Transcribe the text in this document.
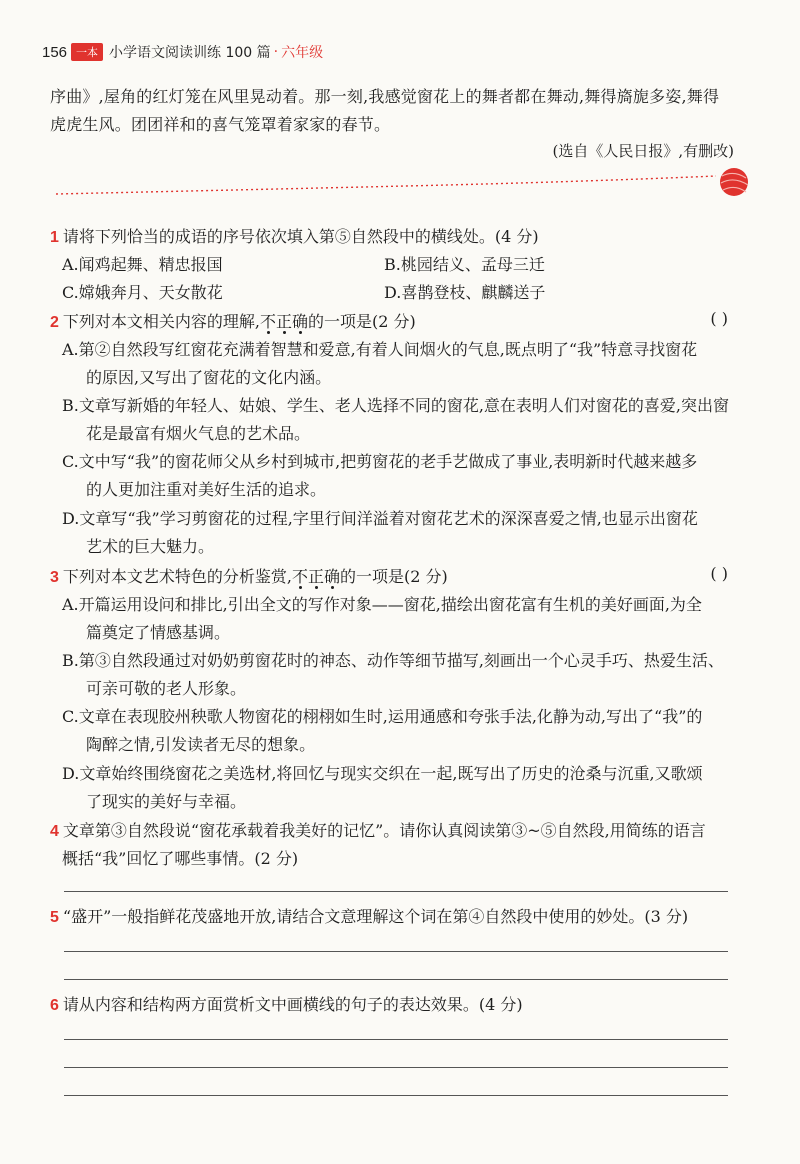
156 一本 小学语文阅读训练 100 篇 · 六年级
序曲》,屋角的红灯笼在风里晃动着。那一刻,我感觉窗花上的舞者都在舞动,舞得旖旎多姿,舞得
虎虎生风。团团祥和的喜气笼罩着家家的春节。
(选自《人民日报》,有删改)
1 请将下列恰当的成语的序号依次填入第⑤自然段中的横线处。(4 分)
A.闻鸡起舞、精忠报国	B.桃园结义、孟母三迁
C.嫦娥奔月、天女散花	D.喜鹊登枝、麒麟送子
2 下列对本文相关内容的理解,不正确的一项是(2 分)	( )
A.第②自然段写红窗花充满着智慧和爱意,有着人间烟火的气息,既点明了“我”特意寻找窗花
的原因,又写出了窗花的文化内涵。
B.文章写新婚的年轻人、姑娘、学生、老人选择不同的窗花,意在表明人们对窗花的喜爱,突出窗
花是最富有烟火气息的艺术品。
C.文中写“我”的窗花师父从乡村到城市,把剪窗花的老手艺做成了事业,表明新时代越来越多
的人更加注重对美好生活的追求。
D.文章写“我”学习剪窗花的过程,字里行间洋溢着对窗花艺术的深深喜爱之情,也显示出窗花
艺术的巨大魅力。
3 下列对本文艺术特色的分析鉴赏,不正确的一项是(2 分)	( )
A.开篇运用设问和排比,引出全文的写作对象——窗花,描绘出窗花富有生机的美好画面,为全
篇奠定了情感基调。
B.第③自然段通过对奶奶剪窗花时的神态、动作等细节描写,刻画出一个心灵手巧、热爱生活、
可亲可敬的老人形象。
C.文章在表现胶州秧歌人物窗花的栩栩如生时,运用通感和夸张手法,化静为动,写出了“我”的
陶醉之情,引发读者无尽的想象。
D.文章始终围绕窗花之美选材,将回忆与现实交织在一起,既写出了历史的沧桑与沉重,又歌颂
了现实的美好与幸福。
4 文章第③自然段说“窗花承载着我美好的记忆”。请你认真阅读第③~⑤自然段,用简练的语言
概括“我”回忆了哪些事情。(2 分)
5 “盛开”一般指鲜花茂盛地开放,请结合文意理解这个词在第④自然段中使用的妙处。(3 分)
6 请从内容和结构两方面赏析文中画横线的句子的表达效果。(4 分)
